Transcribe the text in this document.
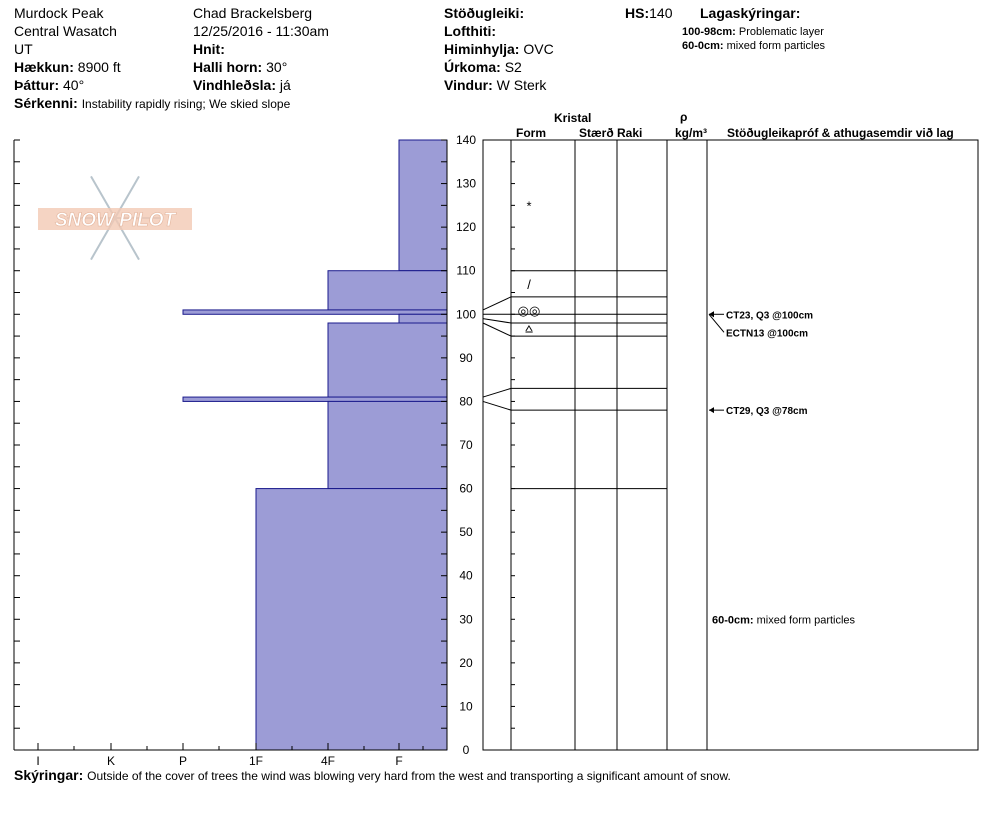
Murdock Peak
Central Wasatch
UT
Hækkun: 8900 ft
Þáttur: 40°
Sérkenni: Instability rapidly rising; We skied slope
Chad Brackelsberg
12/25/2016 - 11:30am
Hnit:
Halli horn: 30°
Vindhleðsla: já
Stöðugleiki:
Lofthiti:
Himinhylja: OVC
Úrkoma: S2
Vindur: W Sterk
HS:140 Lagaskýringar:
100-98cm: Problematic layer
60-0cm: mixed form particles
Kristal
Form	Stærð Raki
ρ
kg/m³ Stöðugleikapróf & athugasemdir við lag
0
10
20
30
40
50
60
70
80
90
100
110
120
130
140
I	K	P	1F	4F	F
SNOW PILOT
*
/
◎◎
⩟
CT23, Q3 @100cm
ECTN13 @100cm
CT29, Q3 @78cm
60-0cm: mixed form particles
Skýringar: Outside of the cover of trees the wind was blowing very hard from the west and transporting a significant amount of snow.
